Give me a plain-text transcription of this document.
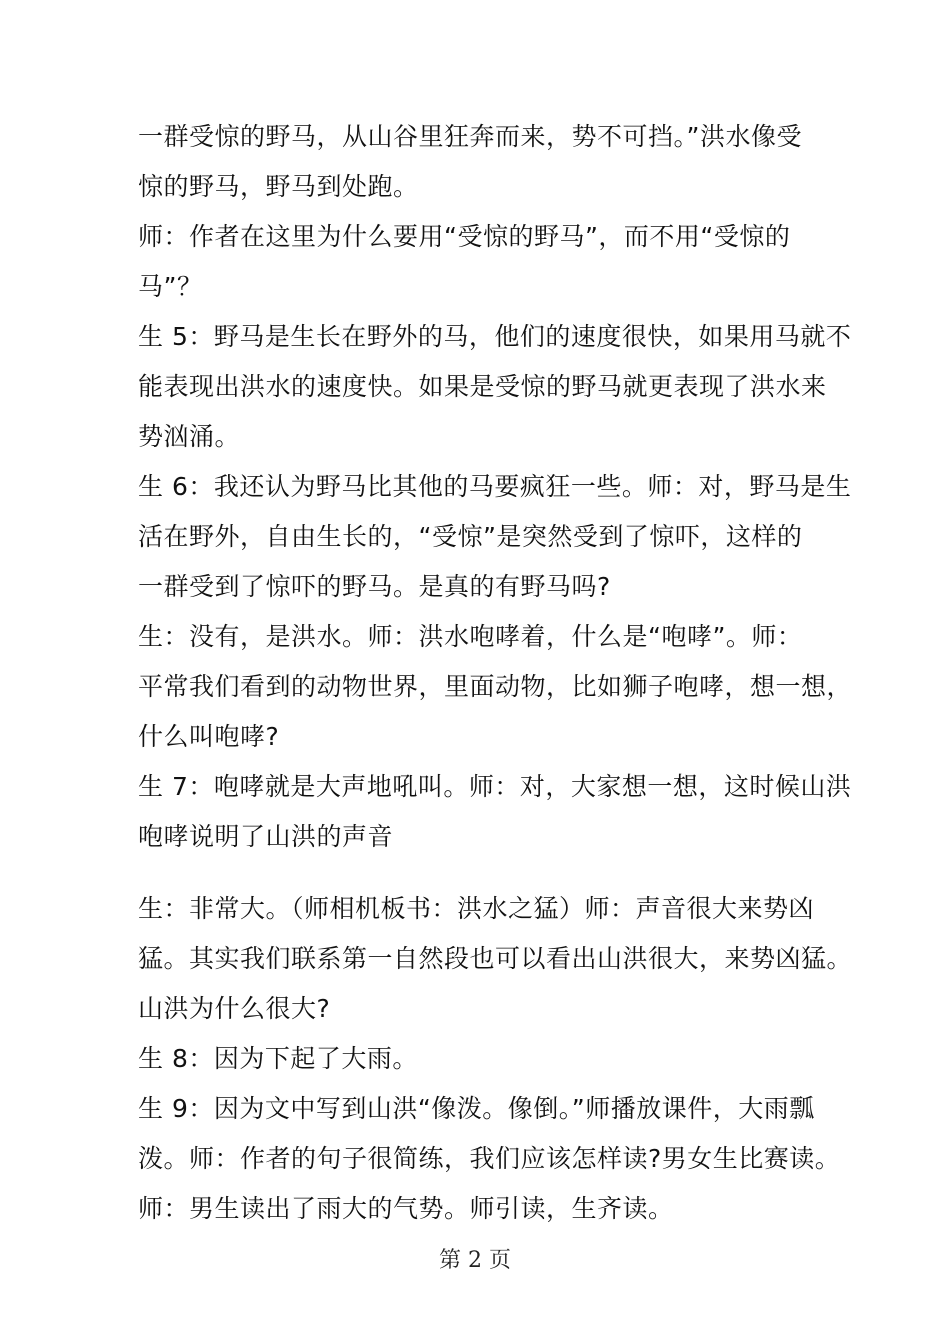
一群受惊的野马，从山谷里狂奔而来，势不可挡。”洪水像受
惊的野马，野马到处跑。

师：作者在这里为什么要用“受惊的野马”，而不用“受惊的
马”？

生 5：野马是生长在野外的马，他们的速度很快，如果用马就不
能表现出洪水的速度快。如果是受惊的野马就更表现了洪水来
势汹涌。

生 6：我还认为野马比其他的马要疯狂一些。师：对，野马是生
活在野外，自由生长的，“受惊”是突然受到了惊吓，这样的
一群受到了惊吓的野马。是真的有野马吗?

生：没有，是洪水。师：洪水咆哮着，什么是“咆哮”。师：
平常我们看到的动物世界，里面动物，比如狮子咆哮，想一想，
什么叫咆哮?

生 7：咆哮就是大声地吼叫。师：对，大家想一想，这时候山洪
咆哮说明了山洪的声音

生：非常大。（师相机板书：洪水之猛）师：声音很大来势凶
猛。其实我们联系第一自然段也可以看出山洪很大，来势凶猛。
山洪为什么很大?

生 8：因为下起了大雨。

生 9：因为文中写到山洪“像泼。像倒。”师播放课件，大雨瓢
泼。师：作者的句子很简练，我们应该怎样读?男女生比赛读。

师：男生读出了雨大的气势。师引读，生齐读。

第 2 页
